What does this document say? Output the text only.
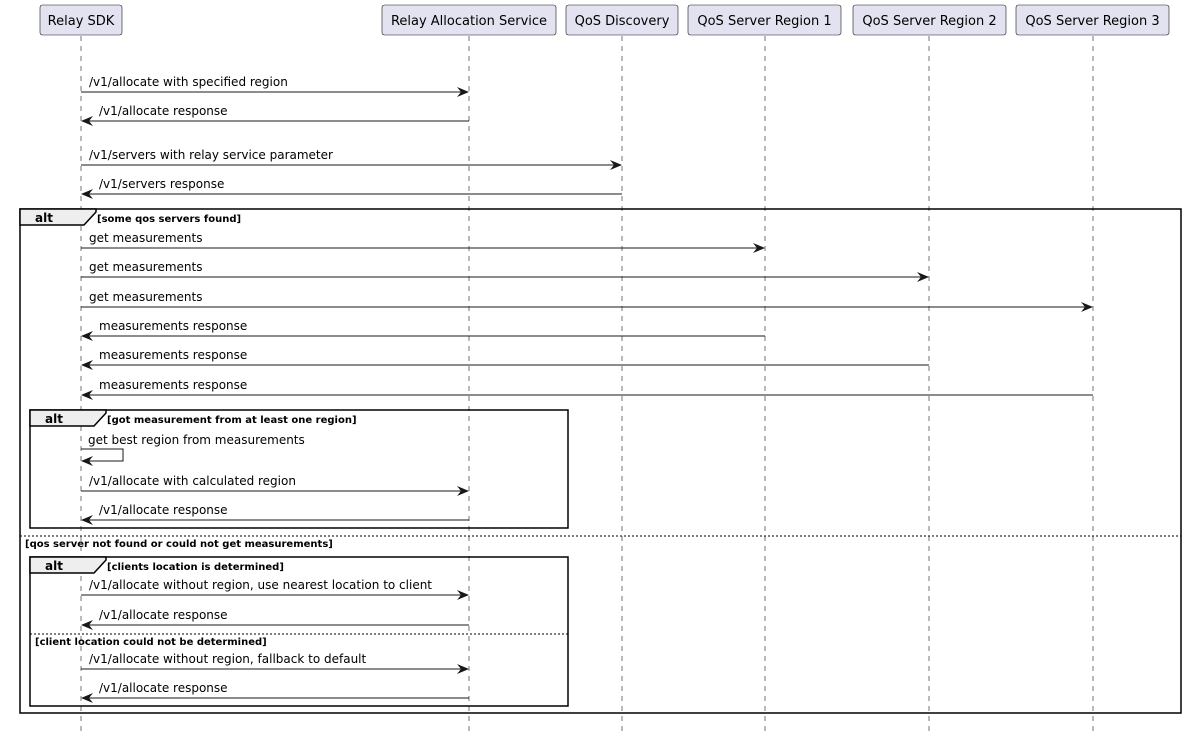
alt	[some qos servers found]
[qos server not found or could not get measurements]
alt	[got measurement from at least one region]
alt	[clients location is determined]
[client location could not be determined]
Relay SDK	Relay Allocation Service QoS Discovery QoS Server Region 1 QoS Server Region 2 QoS Server Region 3
/v1/allocate with specified region
/v1/allocate response
/v1/servers with relay service parameter
/v1/servers response
get measurements
get measurements
get measurements
measurements response
measurements response
measurements response
get best region from measurements
/v1/allocate with calculated region
/v1/allocate response
/v1/allocate without region, use nearest location to client
/v1/allocate response
/v1/allocate without region, fallback to default
/v1/allocate response
